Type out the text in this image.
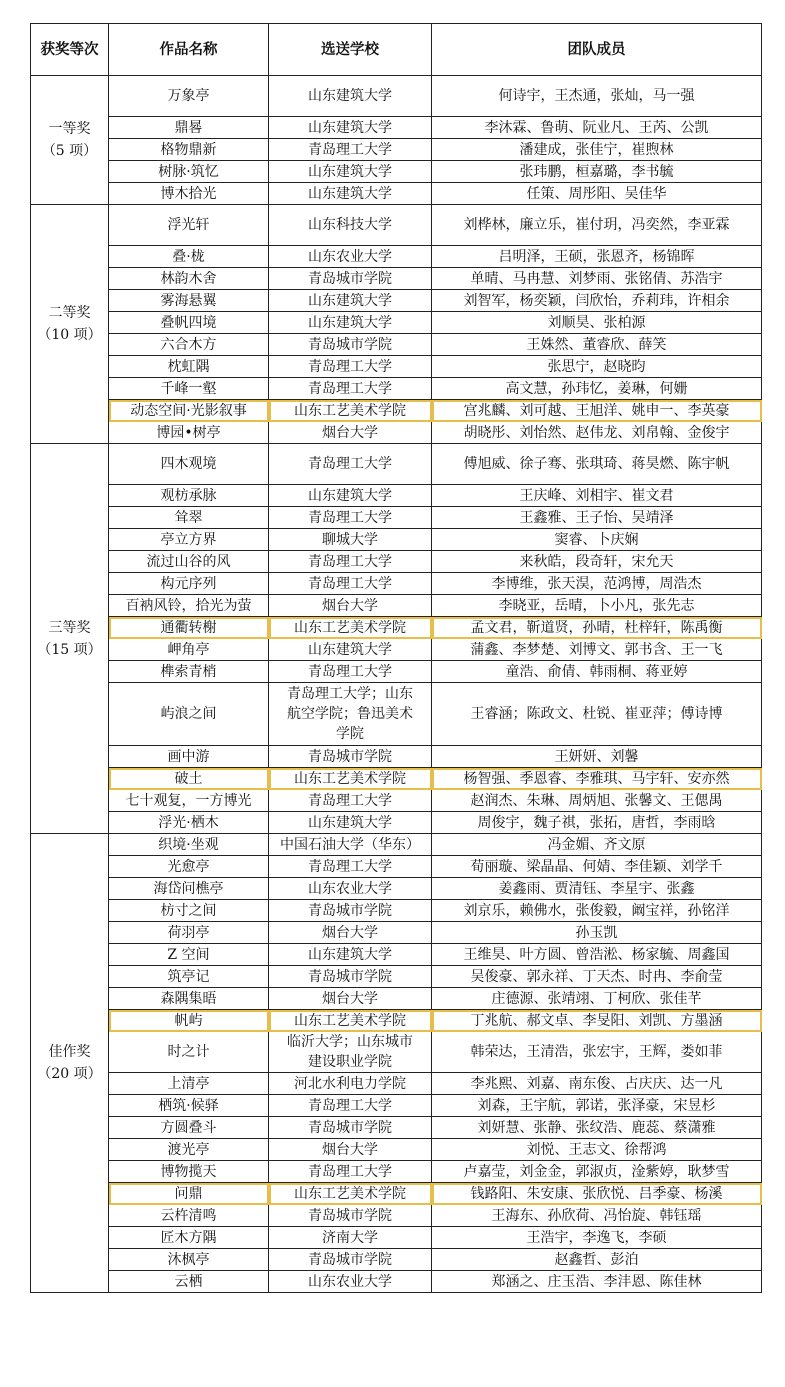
获奖等次	作品名称	选送学校	团队成员

一等奖
（5 项）	万象亭	山东建筑大学	何诗宇，王杰通，张灿，马一强
	鼎晷	山东建筑大学	李沐霖、鲁萌、阮业凡、王芮、公凯
	格物鼎新	青岛理工大学	潘建成，张佳宁，崔煦林
	树脉·筑忆	山东建筑大学	张玮鹏，桓嘉璐，李书毓
	博木拾光	山东建筑大学	任策、周彤阳、吴佳华

二等奖
（10 项）	浮光轩	山东科技大学	刘桦林，廉立乐，崔付玥，冯奕然，李亚霖
	叠·栊	山东农业大学	吕明泽，王硕，张恩齐，杨锦晖
	林韵木舍	青岛城市学院	单晴、马冉慧、刘梦雨、张铭倩、苏浩宇
	雾海悬翼	山东建筑大学	刘智军，杨奕颖，闫欣怡，乔莉玮，许相余
	叠帆四境	山东建筑大学	刘顺昊、张柏源
	六合木方	青岛城市学院	王姝然、董睿欣、薛笑
	枕虹隅	青岛理工大学	张思宁，赵晓昀
	千峰一壑	青岛理工大学	高文慧，孙玮忆，姜琳，何姗
	动态空间·光影叙事	山东工艺美术学院	宫兆麟、刘可越、王旭洋、姚申一、李英豪
	博园•树亭	烟台大学	胡晓彤、刘怡然、赵伟龙、刘帛翰、金俊宇

三等奖
（15 项）	四木观境	青岛理工大学	傅旭威、徐子骞、张琪琦、蒋昊燃、陈宇帆
	观枋承脉	山东建筑大学	王庆峰、刘相宇、崔文君
	耸翠	青岛理工大学	王鑫雅、王子怡、吴靖泽
	亭立方界	聊城大学	窦睿、卜庆娴
	流过山谷的风	青岛理工大学	来秋皓，段奇轩，宋允天
	构元序列	青岛理工大学	李博维，张天淏，范鸿博，周浩杰
	百衲风铃，拾光为萤	烟台大学	李晓亚，岳晴，卜小凡，张先志
	通衢转榭	山东工艺美术学院	孟文君，靳道贤，孙晴，杜梓轩，陈禹衡
	岬角亭	山东建筑大学	蒲鑫、李梦楚、刘博文、郭书含、王一飞
	榫索青梢	青岛理工大学	童浩、俞倩、韩雨桐、蒋亚婷
	屿浪之间	青岛理工大学；山东
航空学院；鲁迅美术
学院	王睿涵；陈政文、杜锐、崔亚萍；傅诗博
	画中游	青岛城市学院	王妍妍、刘馨
	破土	山东工艺美术学院	杨智强、季恩睿、李雅琪、马宇轩、安亦然
	七十观复，一方博光	青岛理工大学	赵润杰、朱琳、周炳旭、张馨文、王偲禺
	浮光·栖木	山东建筑大学	周俊宇，魏子祺，张拓，唐哲，李雨晗

佳作奖
（20 项）	织境·坐观	中国石油大学（华东）	冯金媚、齐文原
	光愈亭	青岛理工大学	荀丽璇、梁晶晶、何婧、李佳颖、刘学千
	海岱问樵亭	山东农业大学	姜鑫雨、贾清钰、李星宇、张鑫
	枋寸之间	青岛城市学院	刘京乐，赖佛水，张俊毅，阚宝祥，孙铭洋
	荷羽亭	烟台大学	孙玉凯
	Z 空间	山东建筑大学	王维昊、叶方圆、曾浩淞、杨家毓、周鑫国
	筑亭记	青岛城市学院	吴俊豪、郭永祥、丁天杰、时冉、李俞莹
	森隅集晤	烟台大学	庄德源、张靖翊、丁柯欣、张佳芊
	帆屿	山东工艺美术学院	丁兆航、郝文卓、李旻阳、刘凯、方墨涵
	时之计	临沂大学；山东城市
建设职业学院	韩荣达，王清浩，张宏宇，王辉，娄如菲
	上清亭	河北水利电力学院	李兆熙、刘嘉、南东俊、占庆庆、达一凡
	栖筑·候驿	青岛理工大学	刘森，王宇航，郭诺，张泽豪，宋昱杉
	方圆叠斗	青岛城市学院	刘妍慧、张静、张纹浩、鹿蕊、蔡潇雅
	渡光亭	烟台大学	刘悦、王志文、徐帮鸿
	博物揽天	青岛理工大学	卢嘉莹，刘金金，郭淑贞，淦紫婷，耿梦雪
	问鼎	山东工艺美术学院	钱路阳、朱安康、张欣悦、吕季豪、杨溪
	云杵清鸣	青岛城市学院	王海东、孙欣荷、冯怡旋、韩钰瑶
	匠木方隅	济南大学	王浩宇，李逸飞，李硕
	沐枫亭	青岛城市学院	赵鑫哲、彭泊
	云栖	山东农业大学	郑涵之、庄玉浩、李沣恩、陈佳林
